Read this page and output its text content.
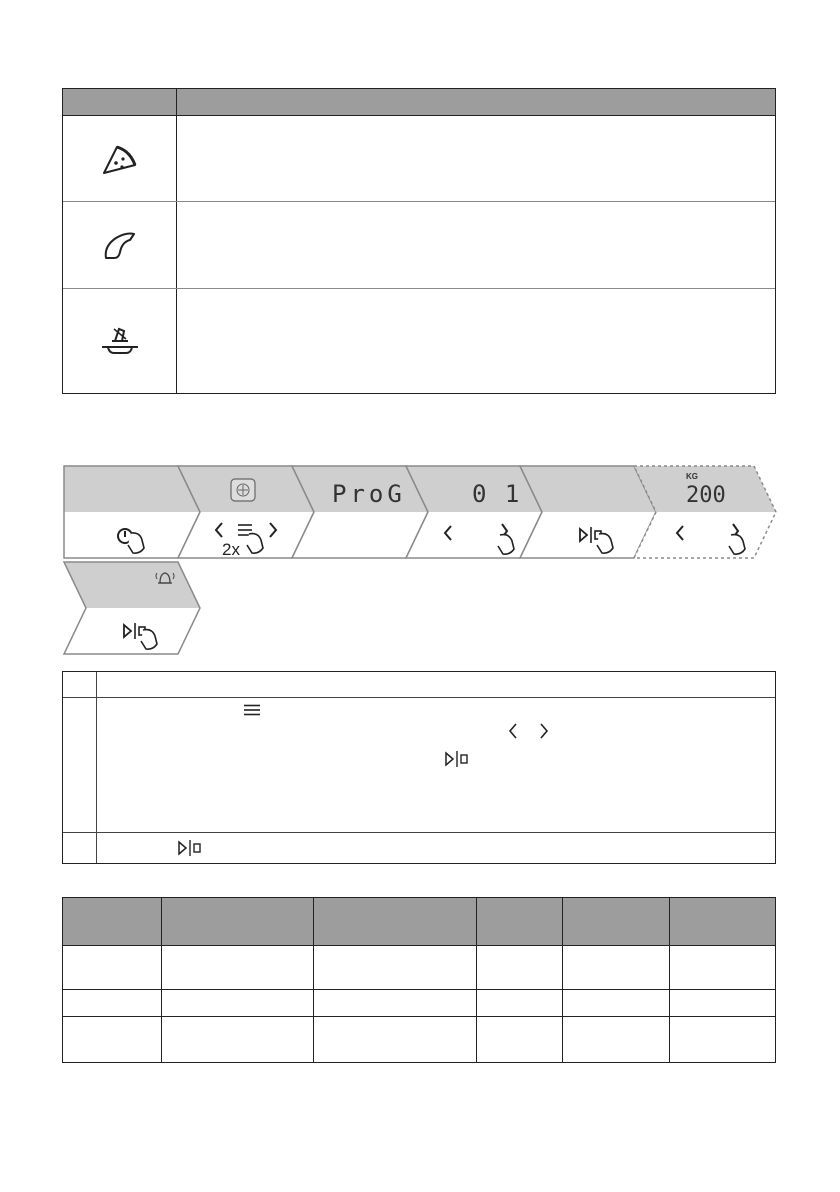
2x
ProG	0 1
KG
200
